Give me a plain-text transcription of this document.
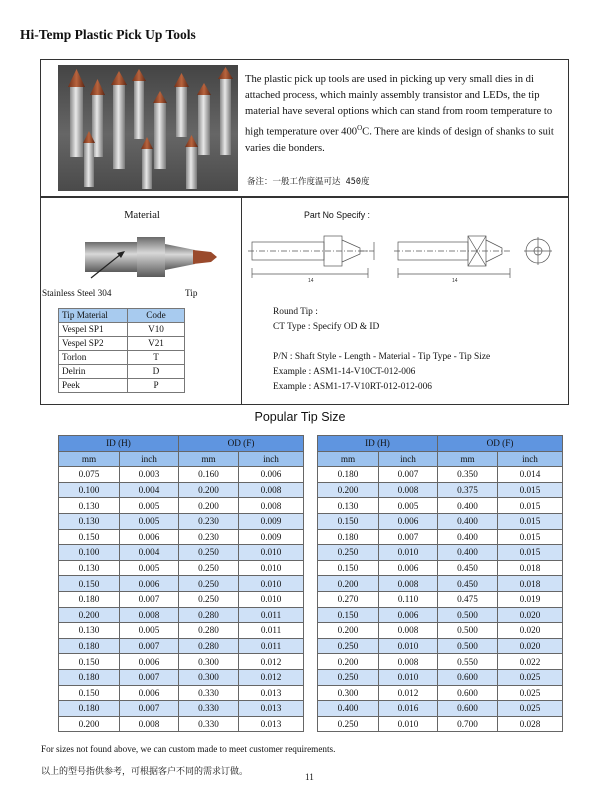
Hi-Temp Plastic Pick Up Tools
The plastic pick up tools are used in picking up very small dies in di attached process, which mainly assembly transistor and LEDs, the tip material have several options which can stand from room temperature to high temperature over $400^OC$. There are kinds of design of shanks to suit varies die bonders.
备注：一般工作度温可达 450度
Material
Stainless Steel 304	Tip
Tip Material	Code
Vespel SP1	V10
Vespel SP2	V21
Torlon	T
Delrin	D
Peek	P
Part No Specify :
14	14
Round Tip :
CT Type : Specify OD & ID
P/N : Shaft Style - Length - Material - Tip Type - Tip Size
Example : ASM1-14-V10CT-012-006
Example : ASM1-17-V10RT-012-012-006
Popular Tip Size
ID (H)		OD (F)	
mm	inch	mm	inch
0.075	0.003	0.160	0.006
0.100	0.004	0.200	0.008
0.130	0.005	0.200	0.008
0.130	0.005	0.230	0.009
0.150	0.006	0.230	0.009
0.100	0.004	0.250	0.010
0.130	0.005	0.250	0.010
0.150	0.006	0.250	0.010
0.180	0.007	0.250	0.010
0.200	0.008	0.280	0.011
0.130	0.005	0.280	0.011
0.180	0.007	0.280	0.011
0.150	0.006	0.300	0.012
0.180	0.007	0.300	0.012
0.150	0.006	0.330	0.013
0.180	0.007	0.330	0.013
0.200	0.008	0.330	0.013
ID (H)		OD (F)	
mm	inch	mm	inch
0.180	0.007	0.350	0.014
0.200	0.008	0.375	0.015
0.130	0.005	0.400	0.015
0.150	0.006	0.400	0.015
0.180	0.007	0.400	0.015
0.250	0.010	0.400	0.015
0.150	0.006	0.450	0.018
0.200	0.008	0.450	0.018
0.270	0.110	0.475	0.019
0.150	0.006	0.500	0.020
0.200	0.008	0.500	0.020
0.250	0.010	0.500	0.020
0.200	0.008	0.550	0.022
0.250	0.010	0.600	0.025
0.300	0.012	0.600	0.025
0.400	0.016	0.600	0.025
0.250	0.010	0.700	0.028
For sizes not found above, we can custom made to meet customer requirements.
以上的型号指供参考，可根据客户不同的需求订做。	11
